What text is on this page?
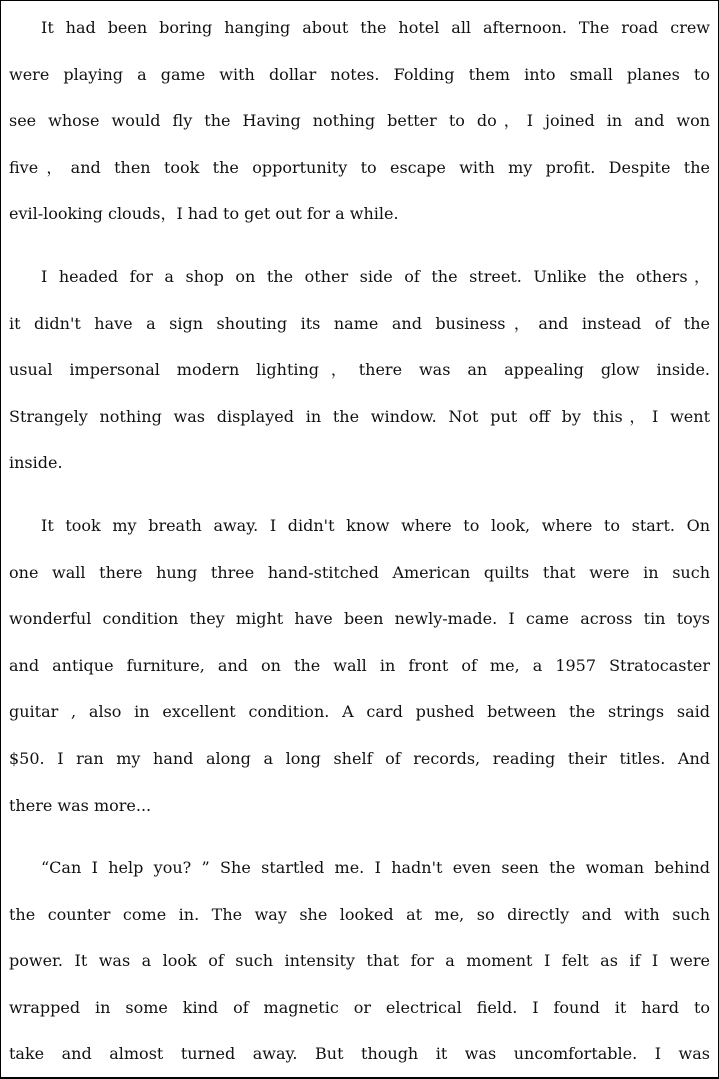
It had been boring hanging about the hotel all afternoon. The road crew
were playing a game with dollar notes. Folding them into small planes to
see whose would fly the Having nothing better to do，I joined in and won
five，and then took the opportunity to escape with my profit. Despite the
evil-looking clouds，I had to get out for a while.
I headed for a shop on the other side of the street. Unlike the others，
it didn't have a sign shouting its name and business，and instead of the
usual impersonal modern lighting，there was an appealing glow inside.
Strangely nothing was displayed in the window. Not put off by this，I went
inside.
It took my breath away. I didn't know where to look, where to start. On
one wall there hung three hand-stitched American quilts that were in such
wonderful condition they might have been newly-made. I came across tin toys
and antique furniture, and on the wall in front of me, a 1957 Stratocaster
guitar , also in excellent condition. A card pushed between the strings said
$50. I ran my hand along a long shelf of records, reading their titles. And
there was more...
“Can I help you? ” She startled me. I hadn't even seen the woman behind
the counter come in. The way she looked at me, so directly and with such
power. It was a look of such intensity that for a moment I felt as if I were
wrapped in some kind of magnetic or electrical field. I found it hard to
take and almost turned away. But though it was uncomfortable. I was
